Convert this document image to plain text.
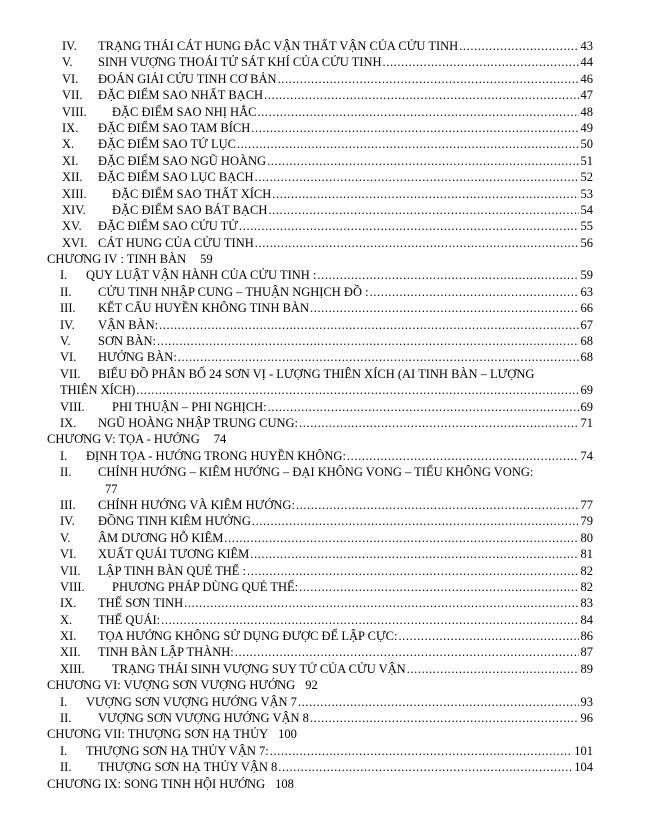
IV. TRẠNG THÁI CÁT HUNG ĐẮC VẬN THẤT VẬN CỦA CỬU TINH .....	43
V. SINH VƯỢNG THOÁI TỬ SÁT KHÍ CỦA CỬU TINH .....	44
VI. ĐOÁN GIẢI CỬU TINH CƠ BẢN .....	46
VII. ĐẶC ĐIỂM SAO NHẤT BẠCH .....	47
VIII. ĐẶC ĐIỂM SAO NHỊ HẮC .....	48
IX. ĐẶC ĐIỂM SAO TAM BÍCH .....	49
X. ĐẶC ĐIỂM SAO TỨ LỤC .....	50
XI. ĐẶC ĐIỂM SAO NGŨ HOÀNG .....	51
XII. ĐẶC ĐIỂM SAO LỤC BẠCH .....	52
XIII. ĐẶC ĐIỂM SAO THẤT XÍCH .....	53
XIV. ĐẶC ĐIỂM SAO BÁT BẠCH .....	54
XV. ĐẶC ĐIỂM SAO CỬU TỬ .....	55
XVI. CÁT HUNG CỦA CỬU TINH .....	56
CHƯƠNG IV : TINH BÀN 59
I. QUY LUẬT VẬN HÀNH CỦA CỬU TINH : .....	59
II. CỬU TINH NHẬP CUNG – THUẬN NGHỊCH ĐỒ : .....	63
III. KẾT CẤU HUYỀN KHÔNG TINH BÀN .....	66
IV. VẬN BÀN: .....	67
V. SƠN BÀN: .....	68
VI. HƯỚNG BÀN: .....	68
VII. BIỂU ĐỒ PHÂN BỐ 24 SƠN VỊ - LƯỢNG THIÊN XÍCH (AI TINH BÀN – LƯỢNG
THIÊN XÍCH) .....	69
VIII. PHI THUẬN – PHI NGHỊCH: .....	69
IX. NGŨ HOÀNG NHẬP TRUNG CUNG: .....	71
CHƯƠNG V: TỌA - HƯỚNG 74
I. ĐỊNH TỌA - HƯỚNG TRONG HUYỀN KHÔNG: .....	74
II. CHÍNH HƯỚNG – KIÊM HƯỚNG – ĐẠI KHÔNG VONG – TIỂU KHÔNG VONG:
77
III. CHÍNH HƯỚNG VÀ KIÊM HƯỚNG: .....	77
IV. ĐỒNG TINH KIÊM HƯỚNG .....	79
V. ÂM DƯƠNG HỖ KIÊM .....	80
VI. XUẤT QUÁI TƯƠNG KIÊM .....	81
VII. LẬP TINH BÀN QUẺ THẾ : .....	82
VIII. PHƯƠNG PHÁP DÙNG QUẺ THẾ: .....	82
IX. THẾ SƠN TINH .....	83
X. THẾ QUÁI: .....	84
XI. TỌA HƯỚNG KHÔNG SỬ DỤNG ĐƯỢC ĐỂ LẬP CỰC: .....	86
XII. TINH BÀN LẬP THÀNH: .....	87
XIII. TRẠNG THÁI SINH VƯỢNG SUY TỬ CỦA CỬU VẬN .....	89
CHƯƠNG VI: VƯỢNG SƠN VƯỢNG HƯỚNG 92
I. VƯỢNG SƠN VƯỢNG HƯỚNG VẬN 7 .....	93
II. VƯỢNG SƠN VƯỢNG HƯỚNG VẬN 8 .....	96
CHƯƠNG VII: THƯỢNG SƠN HẠ THỦY 100
I. THƯỢNG SƠN HẠ THỦY VẬN 7: .....	101
II. THƯỢNG SƠN HẠ THỦY VẬN 8 .....	104
CHƯƠNG IX: SONG TINH HỘI HƯỚNG 108
